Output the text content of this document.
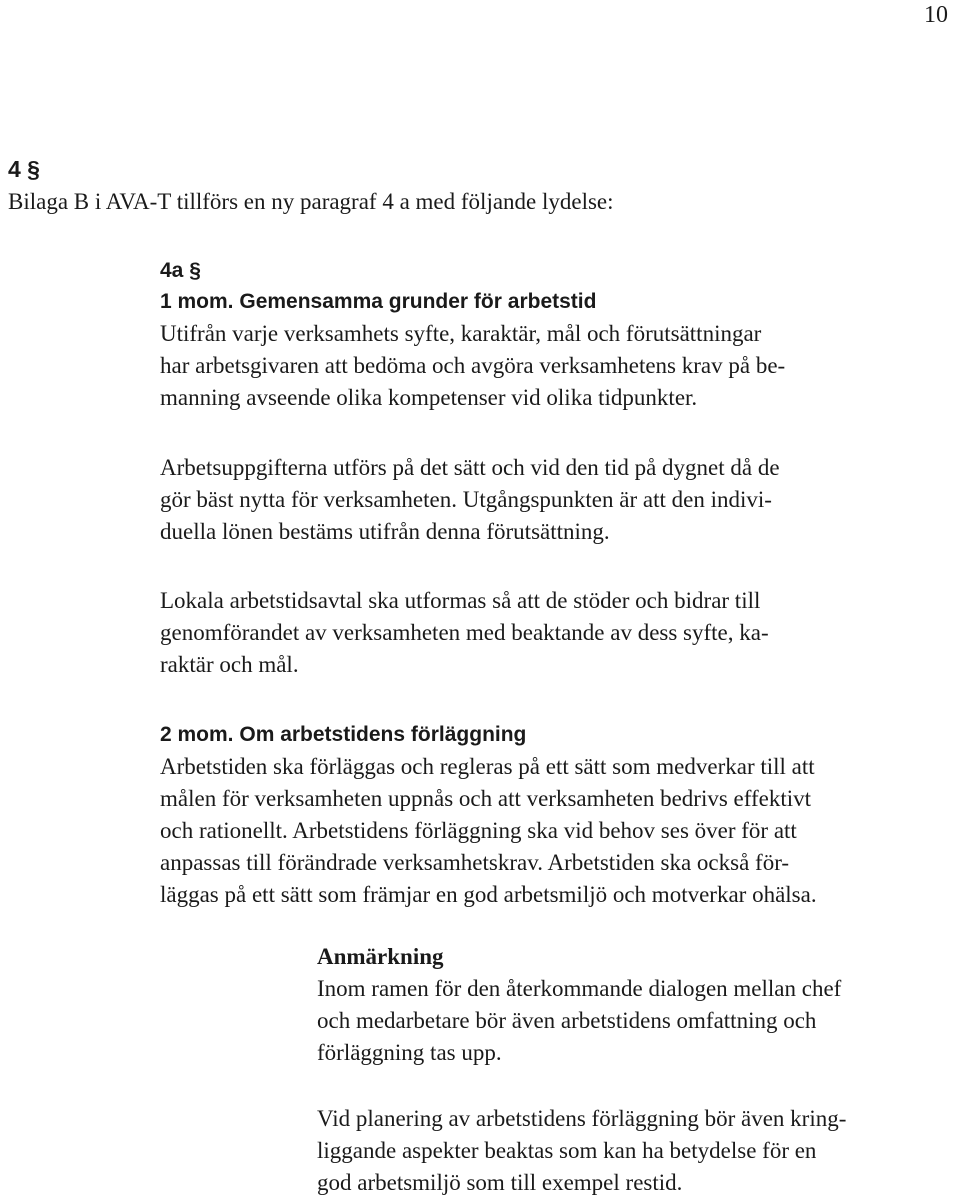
10
4 §
Bilaga B i AVA-T tillförs en ny paragraf 4 a med följande lydelse:
4a §
1 mom. Gemensamma grunder för arbetstid
Utifrån varje verksamhets syfte, karaktär, mål och förutsättningar
har arbetsgivaren att bedöma och avgöra verksamhetens krav på be-
manning avseende olika kompetenser vid olika tidpunkter.
Arbetsuppgifterna utförs på det sätt och vid den tid på dygnet då de
gör bäst nytta för verksamheten. Utgångspunkten är att den indivi-
duella lönen bestäms utifrån denna förutsättning.
Lokala arbetstidsavtal ska utformas så att de stöder och bidrar till
genomförandet av verksamheten med beaktande av dess syfte, ka-
raktär och mål.
2 mom. Om arbetstidens förläggning
Arbetstiden ska förläggas och regleras på ett sätt som medverkar till att
målen för verksamheten uppnås och att verksamheten bedrivs effektivt
och rationellt. Arbetstidens förläggning ska vid behov ses över för att
anpassas till förändrade verksamhetskrav. Arbetstiden ska också för-
läggas på ett sätt som främjar en god arbetsmiljö och motverkar ohälsa.
Anmärkning
Inom ramen för den återkommande dialogen mellan chef
och medarbetare bör även arbetstidens omfattning och
förläggning tas upp.
Vid planering av arbetstidens förläggning bör även kring-
liggande aspekter beaktas som kan ha betydelse för en
god arbetsmiljö som till exempel restid.
